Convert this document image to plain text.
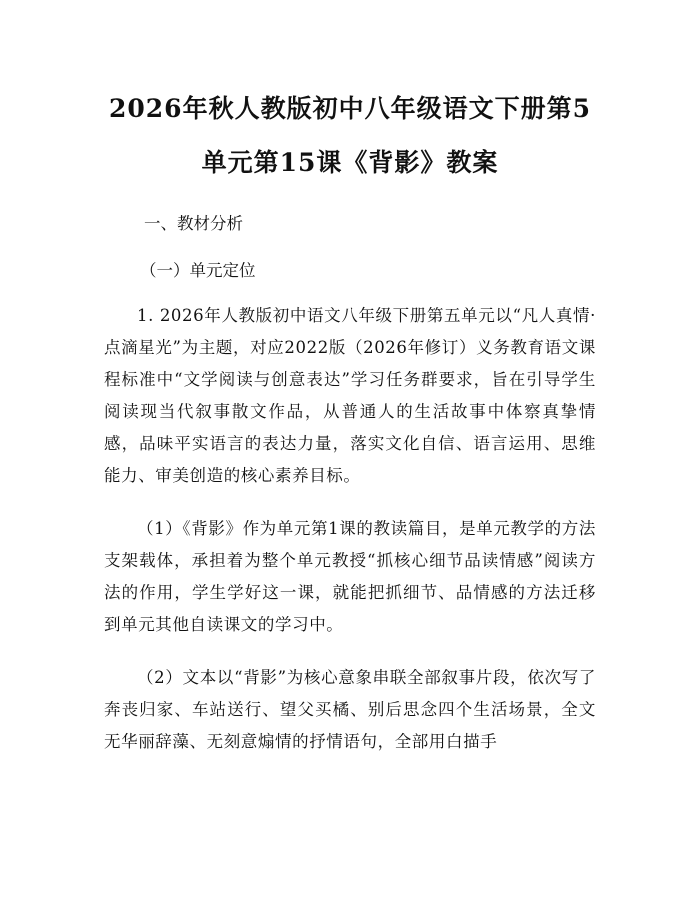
2026年秋人教版初中八年级语文下册第5单元第15课《背影》教案
一、教材分析
（一）单元定位
1. 2026年人教版初中语文八年级下册第五单元以“凡人真情·点滴星光”为主题，对应2022版（2026年修订）义务教育语文课程标准中“文学阅读与创意表达”学习任务群要求，旨在引导学生阅读现当代叙事散文作品，从普通人的生活故事中体察真挚情感，品味平实语言的表达力量，落实文化自信、语言运用、思维能力、审美创造的核心素养目标。
（1）《背影》作为单元第1课的教读篇目，是单元教学的方法支架载体，承担着为整个单元教授“抓核心细节品读情感”阅读方法的作用，学生学好这一课，就能把抓细节、品情感的方法迁移到单元其他自读课文的学习中。
（2）文本以“背影”为核心意象串联全部叙事片段，依次写了奔丧归家、车站送行、望父买橘、别后思念四个生活场景，全文无华丽辞藻、无刻意煽情的抒情语句，全部用白描手
